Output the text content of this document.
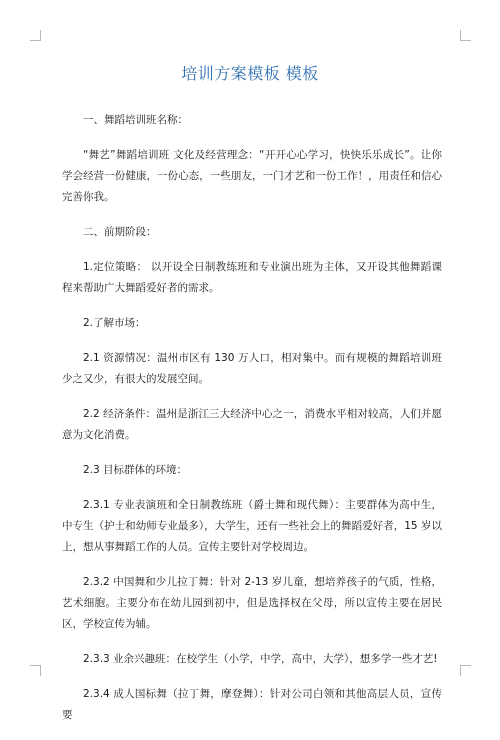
培训方案模板 模板

一、舞蹈培训班名称：

“舞艺”舞蹈培训班 文化及经营理念：“开开心心学习，快快乐乐成长”。让你学会经营一份健康，一份心态，一些朋友，一门才艺和一份工作！，用责任和信心完善你我。

二、前期阶段：

1.定位策略： 以开设全日制教练班和专业演出班为主体，又开设其他舞蹈课程来帮助广大舞蹈爱好者的需求。

2.了解市场：

2.1 资源情况：温州市区有 130 万人口，相对集中。而有规模的舞蹈培训班少之又少，有很大的发展空间。

2.2 经济条件：温州是浙江三大经济中心之一，消费水平相对较高，人们并愿意为文化消费。

2.3 目标群体的环境：

2.3.1 专业表演班和全日制教练班（爵士舞和现代舞）：主要群体为高中生，中专生（护士和幼师专业最多），大学生，还有一些社会上的舞蹈爱好者，15 岁以上，想从事舞蹈工作的人员。宣传主要针对学校周边。

2.3.2 中国舞和少儿拉丁舞：针对 2-13 岁儿童，想培养孩子的气质，性格，艺术细胞。主要分布在幼儿园到初中，但是选择权在父母，所以宣传主要在居民区，学校宣传为辅。

2.3.3 业余兴趣班：在校学生（小学，中学，高中，大学），想多学一些才艺!

2.3.4 成人国标舞（拉丁舞，摩登舞）：针对公司白领和其他高层人员，宣传要
